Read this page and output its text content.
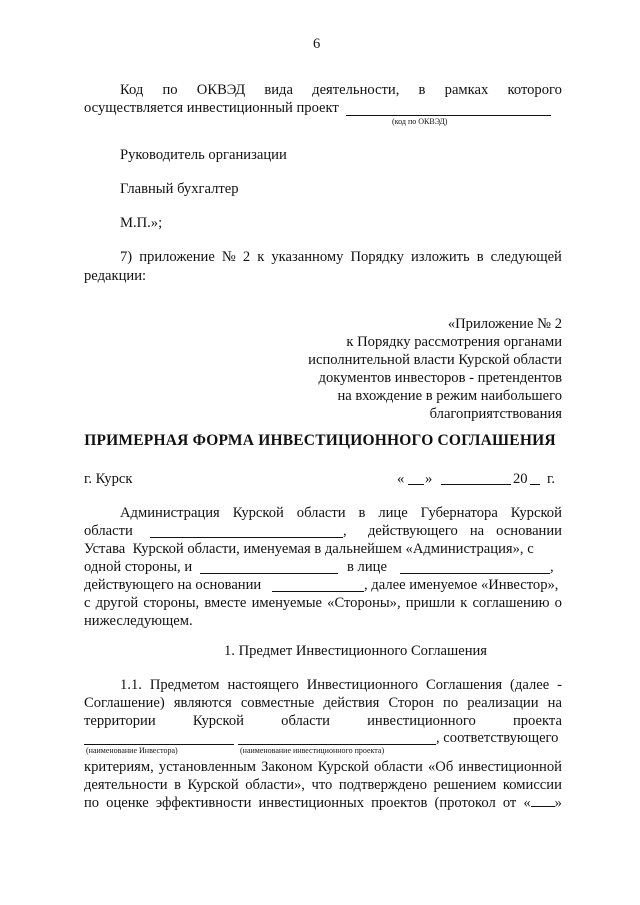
6
Код по ОКВЭД вида деятельности, в рамках которого
осуществляется инвестиционный проект
(код по ОКВЭД)
Руководитель организации
Главный бухгалтер
М.П.»;
7) приложение № 2 к указанному Порядку изложить в следующей
редакции:
«Приложение № 2
к Порядку рассмотрения органами
исполнительной власти Курской области
документов инвесторов - претендентов
на вхождение в режим наибольшего
благоприятствования
ПРИМЕРНАЯ ФОРМА ИНВЕСТИЦИОННОГО СОГЛАШЕНИЯ
г. Курск	« »	20 г.
Администрация Курской области в лице Губернатора Курской
области	, действующего на основании
Устава Курской области, именуемая в дальнейшем «Администрация», с
одной стороны, и	в лице	,
действующего на основании	, далее именуемое «Инвестор»,
с другой стороны, вместе именуемые «Стороны», пришли к соглашению о
нижеследующем.
1. Предмет Инвестиционного Соглашения
1.1. Предметом настоящего Инвестиционного Соглашения (далее -
Соглашение) являются совместные действия Сторон по реализации на
территории	Курской	области	инвестиционного	проекта
, соответствующего
(наименование Инвестора)	(наименование инвестиционного проекта)
критериям, установленным Законом Курской области «Об инвестиционной
деятельности в Курской области», что подтверждено решением комиссии
по оценке эффективности инвестиционных проектов (протокол от « »
